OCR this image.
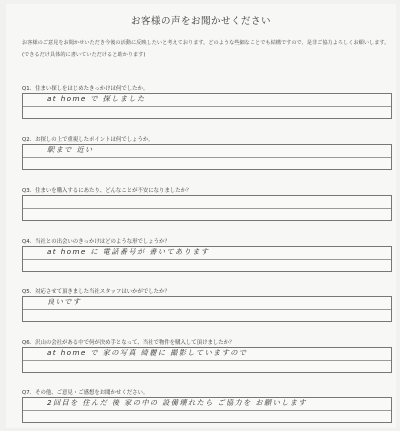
お客様の声をお聞かせください
お客様のご意見をお聞かせいただき今後の活動に反映したいと考えております。どのような些細なことでも結構ですので、是非ご協力よろしくお願いします。(できるだけ具体的に書いていただけると助かります)
Q1．住まい探しをはじめたきっかけは何でしたか。
at home で 探しました
Q2．お探しの上で重視したポイントは何でしょうか。
駅まで 近い
Q3．住まいを購入するにあたり、どんなことが不安になりましたか？
Q4．当社との出会いのきっかけはどのような形でしょうか？
at home に 電話番号が 書いてあります
Q5．対応させて頂きました当社スタッフはいかがでしたか？
良いです
Q6．沢山の会社がある中で何が決め手となって、当社で物件を購入して頂けましたか？
at home で 家の写真 綺麗に 撮影していますので
Q7．その他、ご意見・ご感想をお聞かせください。
2回目を 住んだ 後 家の中の 設備壊れたら ご協力を お願いします
